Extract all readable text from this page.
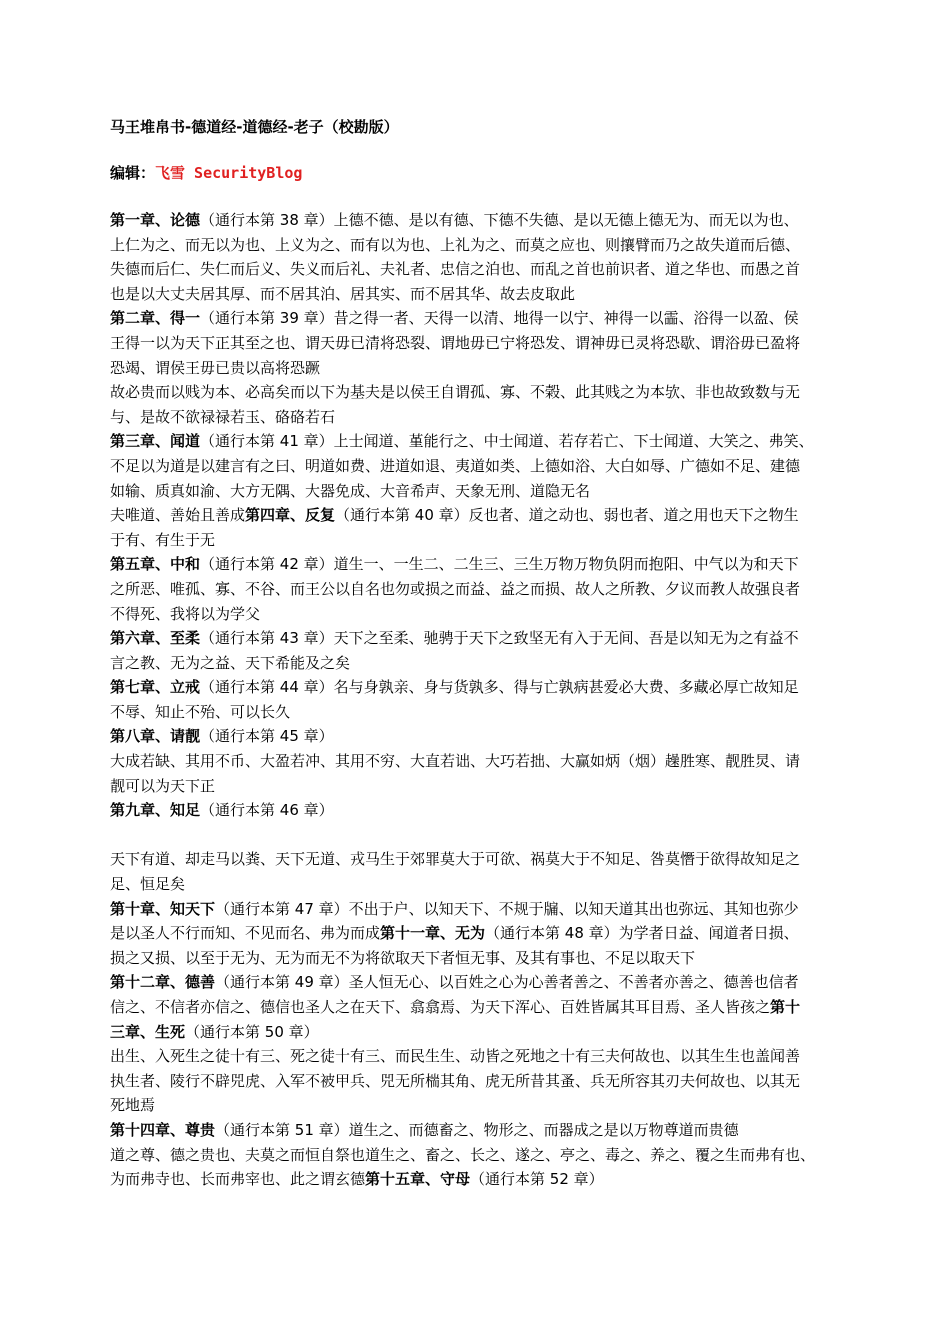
马王堆帛书-德道经-道德经-老子（校勘版）
编辑：飞雪 SecurityBlog
第一章、论德（通行本第 38 章）上德不德、是以有德、下德不失德、是以无德上德无为、而无以为也、
上仁为之、而无以为也、上义为之、而有以为也、上礼为之、而莫之应也、则攘臂而乃之故失道而后德、
失德而后仁、失仁而后义、失义而后礼、夫礼者、忠信之泊也、而乱之首也前识者、道之华也、而愚之首
也是以大丈夫居其厚、而不居其泊、居其实、而不居其华、故去皮取此
第二章、得一（通行本第 39 章）昔之得一者、天得一以清、地得一以宁、神得一以霝、浴得一以盈、侯
王得一以为天下正其至之也、谓天毋已清将恐裂、谓地毋已宁将恐发、谓神毋已灵将恐歇、谓浴毋已盈将
恐竭、谓侯王毋已贵以高将恐蹶
故必贵而以贱为本、必高矣而以下为基夫是以侯王自谓孤、寡、不榖、此其贱之为本欤、非也故致数与无
与、是故不欲禄禄若玉、硌硌若石
第三章、闻道（通行本第 41 章）上士闻道、堇能行之、中士闻道、若存若亡、下士闻道、大笑之、弗笑、
不足以为道是以建言有之曰、明道如费、进道如退、夷道如类、上德如浴、大白如辱、广德如不足、建德
如输、质真如渝、大方无隅、大器免成、大音希声、天象无刑、道隐无名
夫唯道、善始且善成第四章、反复（通行本第 40 章）反也者、道之动也、弱也者、道之用也天下之物生
于有、有生于无
第五章、中和（通行本第 42 章）道生一、一生二、二生三、三生万物万物负阴而抱阳、中气以为和天下
之所恶、唯孤、寡、不谷、而王公以自名也勿或损之而益、益之而损、故人之所教、夕议而教人故强良者
不得死、我将以为学父
第六章、至柔（通行本第 43 章）天下之至柔、驰骋于天下之致坚无有入于无间、吾是以知无为之有益不
言之教、无为之益、天下希能及之矣
第七章、立戒（通行本第 44 章）名与身孰亲、身与货孰多、得与亡孰病甚爱必大费、多藏必厚亡故知足
不辱、知止不殆、可以长久
第八章、请靓（通行本第 45 章）
大成若缺、其用不币、大盈若冲、其用不穷、大直若诎、大巧若拙、大赢如炳（烟）趮胜寒、靓胜炅、请
靓可以为天下正
第九章、知足（通行本第 46 章）
天下有道、却走马以粪、天下无道、戎马生于郊罪莫大于可欲、祸莫大于不知足、咎莫憯于欲得故知足之
足、恒足矣
第十章、知天下（通行本第 47 章）不出于户、以知天下、不规于牖、以知天道其出也弥远、其知也弥少
是以圣人不行而知、不见而名、弗为而成第十一章、无为（通行本第 48 章）为学者日益、闻道者日损、
损之又损、以至于无为、无为而无不为将欲取天下者恒无事、及其有事也、不足以取天下
第十二章、德善（通行本第 49 章）圣人恒无心、以百姓之心为心善者善之、不善者亦善之、德善也信者
信之、不信者亦信之、德信也圣人之在天下、翕翕焉、为天下浑心、百姓皆属其耳目焉、圣人皆孩之第十
三章、生死（通行本第 50 章）
出生、入死生之徒十有三、死之徒十有三、而民生生、动皆之死地之十有三夫何故也、以其生生也盖闻善
执生者、陵行不辟兕虎、入军不被甲兵、兕无所椯其角、虎无所昔其蚤、兵无所容其刃夫何故也、以其无
死地焉
第十四章、尊贵（通行本第 51 章）道生之、而德畜之、物形之、而器成之是以万物尊道而贵德
道之尊、德之贵也、夫莫之而恒自祭也道生之、畜之、长之、遂之、亭之、毒之、养之、覆之生而弗有也、
为而弗寺也、长而弗宰也、此之谓玄德第十五章、守母（通行本第 52 章）
